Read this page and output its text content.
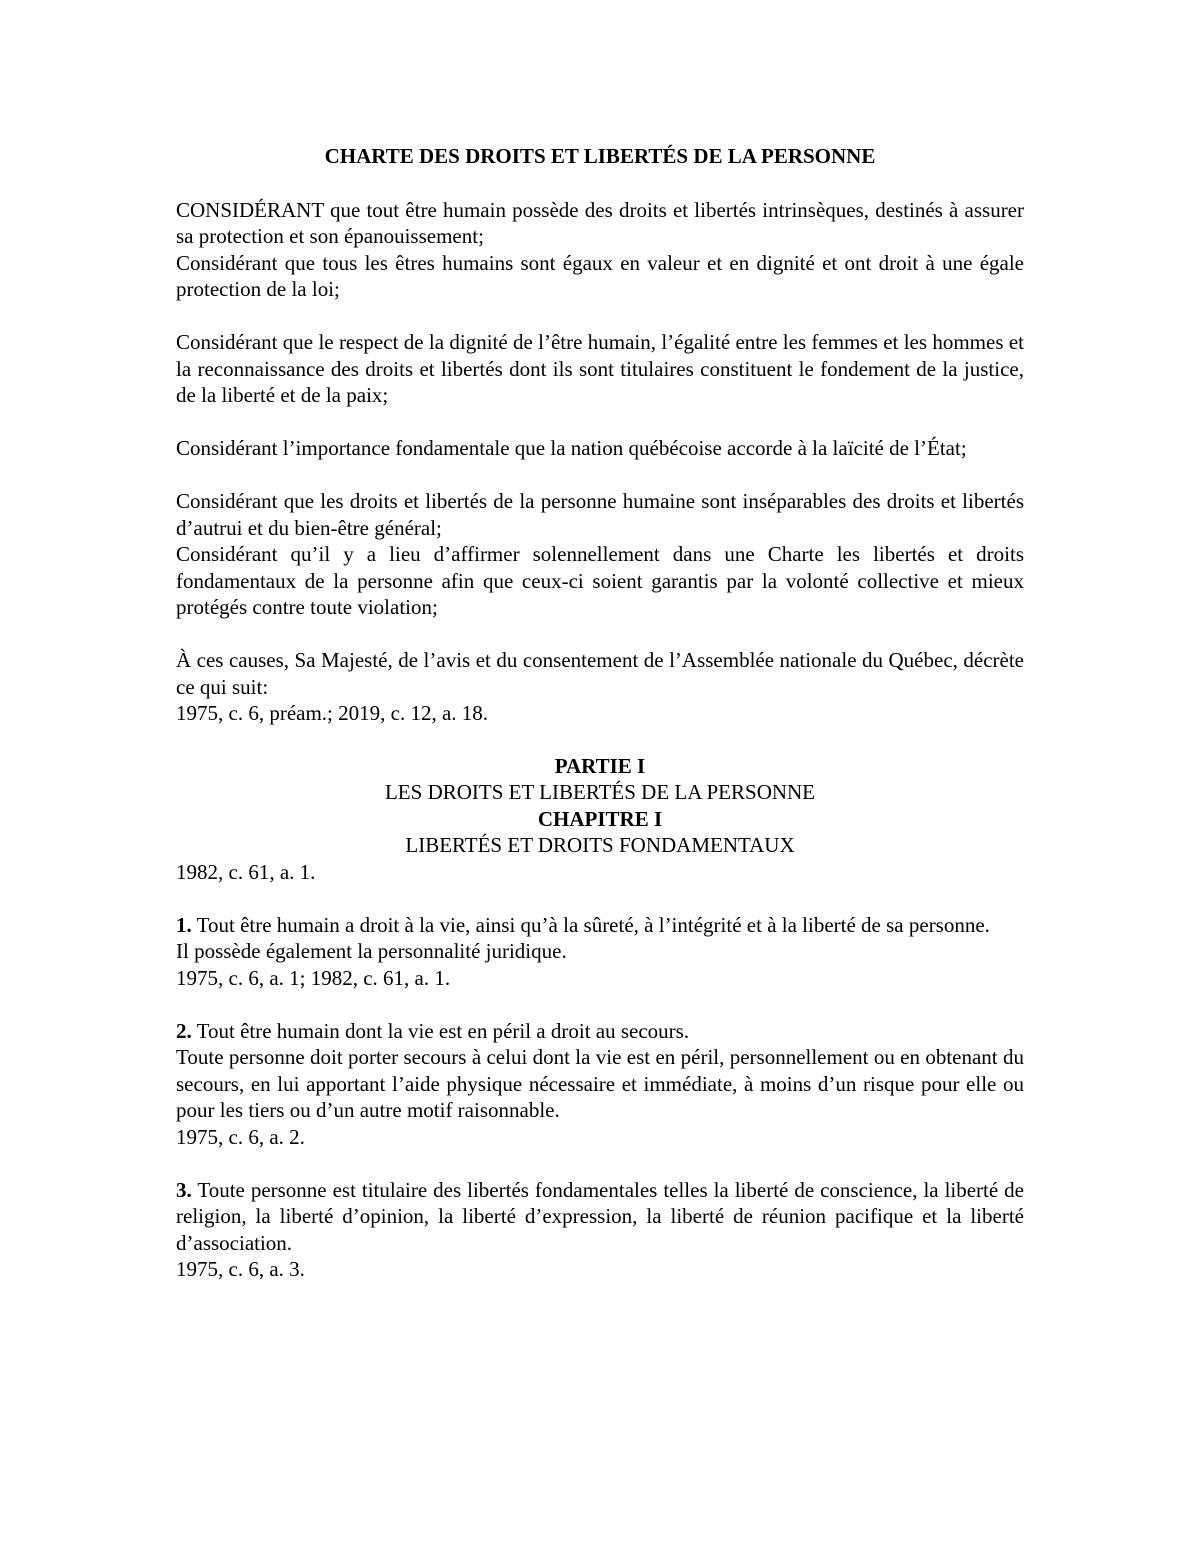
CHARTE DES DROITS ET LIBERTÉS DE LA PERSONNE

CONSIDÉRANT que tout être humain possède des droits et libertés intrinsèques, destinés à assurer sa protection et son épanouissement;

Considérant que tous les êtres humains sont égaux en valeur et en dignité et ont droit à une égale protection de la loi;

Considérant que le respect de la dignité de l’être humain, l’égalité entre les femmes et les hommes et la reconnaissance des droits et libertés dont ils sont titulaires constituent le fondement de la justice, de la liberté et de la paix;

Considérant l’importance fondamentale que la nation québécoise accorde à la laïcité de l’État;

Considérant que les droits et libertés de la personne humaine sont inséparables des droits et libertés d’autrui et du bien-être général;

Considérant qu’il y a lieu d’affirmer solennellement dans une Charte les libertés et droits fondamentaux de la personne afin que ceux-ci soient garantis par la volonté collective et mieux protégés contre toute violation;

À ces causes, Sa Majesté, de l’avis et du consentement de l’Assemblée nationale du Québec, décrète ce qui suit:

1975, c. 6, préam.; 2019, c. 12, a. 18.

PARTIE I

LES DROITS ET LIBERTÉS DE LA PERSONNE

CHAPITRE I

LIBERTÉS ET DROITS FONDAMENTAUX

1982, c. 61, a. 1.

1. Tout être humain a droit à la vie, ainsi qu’à la sûreté, à l’intégrité et à la liberté de sa personne.

Il possède également la personnalité juridique.

1975, c. 6, a. 1; 1982, c. 61, a. 1.

2. Tout être humain dont la vie est en péril a droit au secours.

Toute personne doit porter secours à celui dont la vie est en péril, personnellement ou en obtenant du secours, en lui apportant l’aide physique nécessaire et immédiate, à moins d’un risque pour elle ou pour les tiers ou d’un autre motif raisonnable.

1975, c. 6, a. 2.

3. Toute personne est titulaire des libertés fondamentales telles la liberté de conscience, la liberté de religion, la liberté d’opinion, la liberté d’expression, la liberté de réunion pacifique et la liberté d’association.

1975, c. 6, a. 3.
